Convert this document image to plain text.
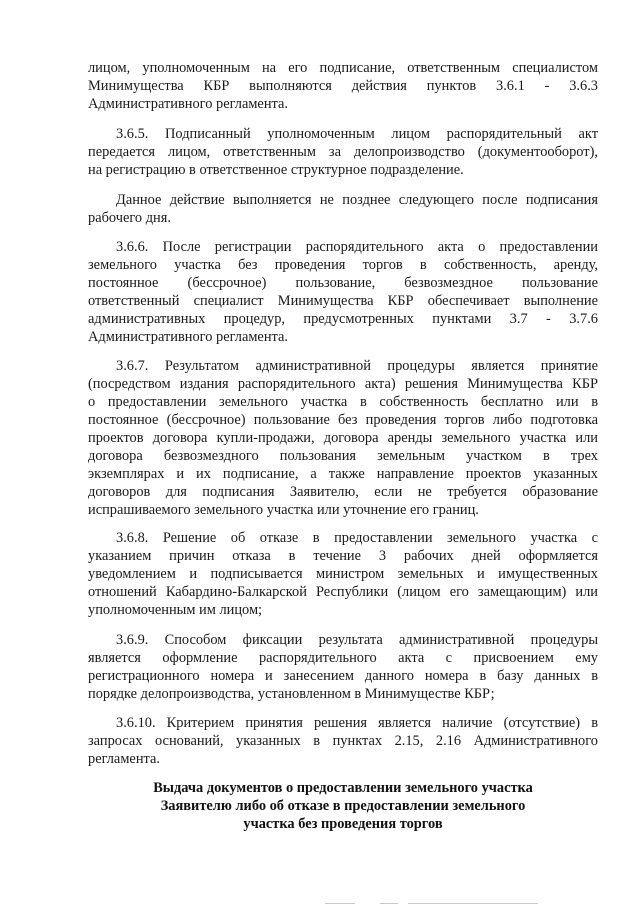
лицом, уполномоченным на его подписание, ответственным специалистом
Минимущества КБР выполняются действия пунктов 3.6.1 - 3.6.3
Административного регламента.
3.6.5. Подписанный уполномоченным лицом распорядительный акт
передается лицом, ответственным за делопроизводство (документооборот),
на регистрацию в ответственное структурное подразделение.
Данное действие выполняется не позднее следующего после подписания
рабочего дня.
3.6.6. После регистрации распорядительного акта о предоставлении
земельного участка без проведения торгов в собственность, аренду,
постоянное (бессрочное) пользование, безвозмездное пользование
ответственный специалист Минимущества КБР обеспечивает выполнение
административных процедур, предусмотренных пунктами 3.7 - 3.7.6
Административного регламента.
3.6.7. Результатом административной процедуры является принятие
(посредством издания распорядительного акта) решения Минимущества КБР
о предоставлении земельного участка в собственность бесплатно или в
постоянное (бессрочное) пользование без проведения торгов либо подготовка
проектов договора купли-продажи, договора аренды земельного участка или
договора безвозмездного пользования земельным участком в трех
экземплярах и их подписание, а также направление проектов указанных
договоров для подписания Заявителю, если не требуется образование
испрашиваемого земельного участка или уточнение его границ.
3.6.8. Решение об отказе в предоставлении земельного участка с
указанием причин отказа в течение 3 рабочих дней оформляется
уведомлением и подписывается министром земельных и имущественных
отношений Кабардино-Балкарской Республики (лицом его замещающим) или
уполномоченным им лицом;
3.6.9. Способом фиксации результата административной процедуры
является оформление распорядительного акта с присвоением ему
регистрационного номера и занесением данного номера в базу данных в
порядке делопроизводства, установленном в Минимуществе КБР;
3.6.10. Критерием принятия решения является наличие (отсутствие) в
запросах оснований, указанных в пунктах 2.15, 2.16 Административного
регламента.
Выдача документов о предоставлении земельного участка
Заявителю либо об отказе в предоставлении земельного
участка без проведения торгов
